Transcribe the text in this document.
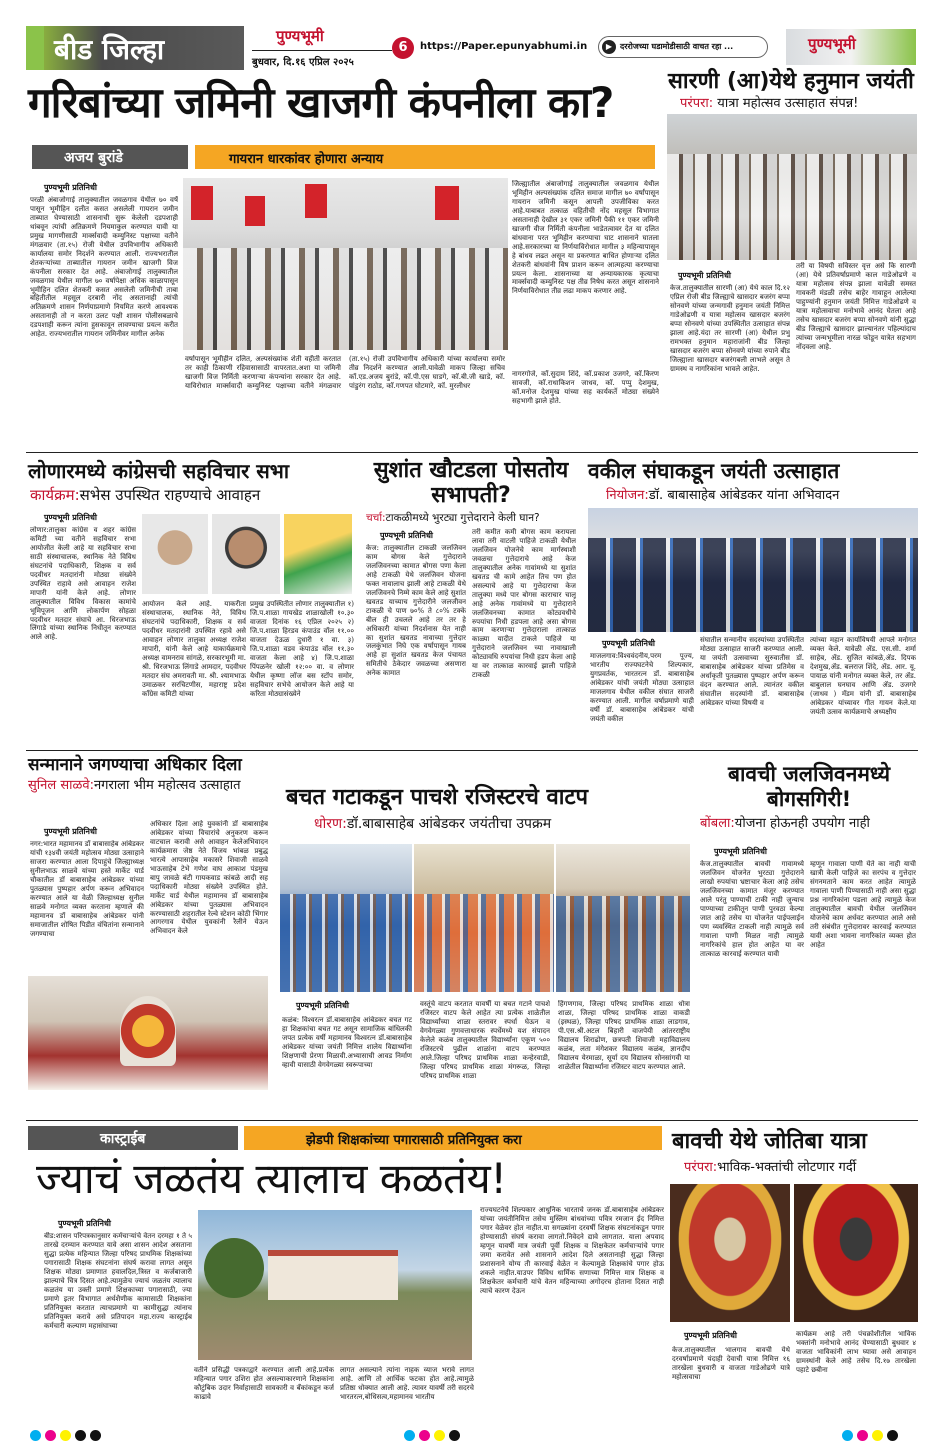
बीड जिल्हा	पुण्यभूमी
बुधवार, दि.१६ एप्रिल २०२५
6	https://Paper.epunyabhumi.in	▶ दररोजच्या घडामोडीसाठी वाचत रहा ...	पुण्यभूमी
गरिबांच्या जमिनी खाजगी कंपनीला का?
अजय बुरांडे	गायरान धारकांवर होणारा अन्याय
पुण्यभूमी प्रतिनिधी
परळी अंबाजोगाई तालुक्यातील जवळगाव येथील ७० वर्षे पासून भूमीहिन दलीत कसत असलेली गायरान जमीन ताब्यात घेण्यासाठी शासनाची सुरू केलेली दडपशाही थांबवून त्यांची अतिक्रमणे नियमाकुल करण्यात यावी या प्रमुख मागणीसाठी मार्क्सवादी कम्युनिस्ट पक्षाच्या वतीने मंगळवार (ता.१५) रोजी येथील उपविभागीय अधिकारी कार्यालया समोर निदर्शने करण्यात आली. राज्यभरातील शेतकऱ्यांच्या ताब्यातील गायरान जमीन खाजगी विज कंपनीला सरकार देत आहे. अंबाजोगाई तालुक्यातील जवळगाव येथील मागील ७० वर्षापेक्षा अधिक काळापासून भूमीहिन दलित शेतकरी कसत असलेली जमिनीची ताबा बहितीतील महसूल दरबारी नोंद असतानाही त्यांची अतिक्रमणे शासन निर्णयाप्रमाणे नियमित करणे आवश्यक असतानाही तो न करता उलट पक्षी शासन पोलीसबळाचे दडपशाही करून त्यांना हुसकावून लावण्याचा प्रयत्न करीत आहेत. राज्यभरातील गायरान जमिनीवर मागील अनेक
वर्षापासून भूमीहीन दलित, अल्पसंख्यांक शेती वहीती करतात तर काही ठिकाणी रहिवासासाठी वापरतात.अशा या जमिनी खाजगी विज निर्मिती करणाऱ्या कंपन्यांना सरकार देत आहे. याविरोधात मार्क्सवादी कम्युनिस्ट पक्षाच्या वतीने मंगळवार (ता.१५) रोजी उपविभागीय अधिकारी यांच्या कार्यालया समोर तीव्र निदर्शने करण्यात आली.यावेळी माकप जिल्हा सचिव कॉ.एड.अजय बुरांडे, कॉ.पी.एस घाडगे, कॉ.बी.जी खाडे, कॉ. पांडुरंग राठोड, कॉ.गणपत घोटमारे, कॉ. मुरलीधर
जिल्ह्यातील अंबाजोगाई तालुक्यातील जवळगाव येथील भूमिहीन अल्पसंख्यांक दलित समाज मागील ७० वर्षांपासून गायरान जमिनी कसून आपली उपजीविका करत आहे.याबाबत तत्काळ वहितीची नोंद महसूल विभागात असतानाही देखील ३१ एकर जमिनी पैकी ११ एकर जमिनी खाजगी वीज निर्मिती कंपनीला भाडेतत्वावर देत या दलित बांधवाना परत भूमिहीन करण्याचा घाट शासनाने घातला आहे.सरकारच्या या निर्णयाविरोधात मागील ३ महिन्यापासून हे बांधव लढत असून या प्रकरणात बाधित होणाऱ्या दलित शेतकरी बांधवांनी विष प्राशन करून आत्महत्या करण्याचा प्रयत्न केला. शासनाच्या या अन्यायकारक कृत्याचा मार्क्सवादी कम्युनिस्ट पक्ष तीव्र निषेध करत असून शासनाने निर्णयाविरोधात तीव्र लढा माकप करणार आहे.
नागरगोजे, कॉ.सुदाम शिंदे, कॉ.प्रकाश उजगरे, कॉ.किरण सावजी, कॉ.राधाकिशन जाधव, कॉ. पप्पु देशमुख, कॉ.मनोज देशमुख यांच्या सह कार्यकर्ते मोठ्या संख्येने सहभागी झाले होते.
सारणी (आ)येथे हनुमान जयंती
परंपरा: यात्रा महोत्सव उत्साहात संपन्न!
पुण्यभूमी प्रतिनिधी
केज.तालुक्यातील सारणी (आ) येथे काल दि.१२ एप्रिल रोजी बीड जिल्ह्याचे खासदार बजरंग बप्पा सोनवणे यांच्या जन्मगावी हनुमान जयंती निमित्त गाडेओढणी व यात्रा महोत्सव खासदार बजरंग बप्पा सोनवणे यांच्या उपस्थितीत उत्साहात संपन्न झाला आहे.यंदा तर सारणी (आ) येथील प्रभु रामभक्त हनुमान महाराजांनी बीड जिल्हा खासदार बजरंग बप्पा सोनवणे यांच्या रुपाने बीड जिल्ह्याला खासदार बजरंगबली लाभले असून ते ग्रामस्थ व नागरिकांना भावले आहेत.
तरी या विषयी सविस्तर वृत्त असे कि सारणी (आ) येथे प्रतिवर्षाप्रमाणे काल गाडेओढणे व यात्रा महोत्सव संपन्न झाला यावेळी समस्त गावकरी मंडळी तसेच बाहेर गावाहून आलेल्या पाहुण्यांनी हनुमान जयंती निमित्त गाडेओढणे व यात्रा महोत्सवाचा मनोभावे आनंद घेतला आहे तसेच खासदार बजरंग बप्पा सोनवणे यांनी सुद्धा बीड जिल्ह्याचे खासदार झाल्यानंतर पहिल्यांदाच त्यांच्या जन्मभूमीला नारळ फोडून यात्रेत सहभाग नोंदवला आहे.
लोणारमध्ये कांग्रेसची सहविचार सभा
कार्यक्रम:सभेस उपस्थित राहण्याचे आवाहन
पुण्यभूमी प्रतिनिधी
लोणार:तालुका कांग्रेस व शहर कांग्रेस कमिटी च्या वतीने सहविचार सभा आयोजीत केली आहे या सहविचार सभा साठी संस्थाचालक, स्थानिक नेते विविध संघटनांचे पदाधिकारी, शिक्षक व सर्व पदवीधर मतदारांनी मोठ्या संख्येने उपस्थित राहावे असे आवाहन राजेश मापारी यांनी केले आहे. लोणार तालुक्यातील विविध विकास कामांचे भूमिपूजन आणि लोकार्पण सोहळा पदवीधर मतदार संघाचे आ. धिरजभाऊ लिंगाडे यांच्या स्थानिक निधीतून करण्यात आले आहे.
आयोजन केले आहे. याकरीता संस्थाचालक, स्थानिक नेते, विविध संघटनांचे पदाधिकारी, शिक्षक व सर्व पदवीधर मतदारांनी उपस्थित रहावे असे आवाहन लोणार तालुका अध्यक्ष राजेश मापारी, यांनी केले आहे याकार्यक्रमाचे अध्यक्ष वामनराव सांगळे, सरकारभूमी मा. श्री. धिरजभाऊ लिंगाडे आमदार, पदवीधर मतदार संघ अमरावती मा. श्री. श्यामभाऊ उमाळकर सरचिटणीस, महाराष्ट्र प्रदेश कॉंग्रेस कमिटी यांच्या
प्रमुख उपस्थितीत लोणार तालुक्यातील १) जि.प.शाळा गायखेड शाळाखोली १०.३० वाजता दिनांक १६ एप्रिल २०२५ २) जि.प.शाळा हिरडव कंपाउंड वॉल ११.०० वाजता देऊळ दुधारी १ वा. ३) जि.प.शाळा वडव कंपाउंड वॉल ११.३० वाजता केला आहे ४) जि.प.शाळा पिंपळनेर खोली १२:०० वा. व लोणार येथील कृष्णा लॉज बस स्टॉप समोर, सहविचार सभेचे आयोजन केले आहे या करिता मोठ्यासंख्येने
सुशांत खौटडला पोसतोय सभापती?
चर्चा:टाकळीमध्ये भुरट्या गुत्तेदाराने केली घान?
पुण्यभूमी प्रतिनिधी
केज: तालुक्यातील टाकळी जलजिवन काम बोगस केले गुत्तेदाराने जलजिवनच्या कामात बोगस पणा केला आहे टाकळी येथे जलजिवन योजना फक्त नावालाच झाली आहे टाकळी येथे जलजिवनचे निम्मे काम केले आहे सुशांत खवतड याच्याच गुत्तेदारीने जलजीवन टाकळी चे पाण ७०% ते ८०% टक्के बील ही उचलले आहे तर तर हे अधिकारी यांच्या निदर्शनास येत नाही का सुशांत खवतड नावाच्या गुत्तेदार जलकुंभात निघे एक वर्षापासून गायब आहे हा सुशांत खवतड केज पंचायत समितीचे ठेकेदार जवळच्या असणारा अनेक कामात
तरी कमीत कमी बोगस काम करायला लावा तरी वाटली पाहिजे टाकळी येथील जलजिवन योजनेचे काम मार्गस्थाशी जवळचा गुत्तेदाराचे आहे केज तालुक्यातील अनेक गावांमध्ये या सुशांत खवतड ची कामे आहेत तिच पण होत असल्याचे आहे या गुत्तेदाराचा केज तालुक्या मध्ये पार बोगस काराचार चालू आहे अनेक गावांमध्ये या गुत्तेदाराने जलजिवनच्या कामात कोट्यवधीचे रुपयांचा निधी हडपला आहे असा बोगस काम करणाऱ्या गुत्तेदाराला तात्काळ काळ्या यादीत टाकले पाहिजे या गुत्तेदाराने जलजिवन च्या नावाखाली कोट्यावधि रुपयांचा निधी हडप केला आहे या वर तात्काळ कारवाई झाली पाहिजे टाकळी
वकील संघाकडून जयंती उत्साहात
नियोजन:डॉ. बाबासाहेब आंबेडकर यांना अभिवादन
पुण्यभूमी प्रतिनिधी
माजलगाव:विश्ववंदनीय,परम पूज्य, भारतीय राज्यघटनेचे शिल्पकार, युगप्रवर्तक, भारतरत्न डॉ. बाबासाहेब आंबेडकर यांची जयंती मोठ्या उत्साहात माजलगाव येथील वकील संघात साजरी करण्यात आली. मागील वर्षाप्रमाणे याही वर्षी डॉ. बाबासाहेब आंबेडकर यांची जयंती वकील
संघातील सन्मानीय सदस्यांच्या उपस्थितीत मोठ्या उत्साहात साजरी करण्यात आली. या जयंती उत्सवाच्या सुरुवातीस डॉ. बाबासाहेब आंबेडकर यांच्या प्रतिमेस व अर्धाकृती पुतळ्यास पुष्पहार अर्पण करून वंदन करण्यात आले. त्यानंतर वकील संघातील सदस्यांनी डॉ. बाबासाहेब आंबेडकर यांच्या विषयी व
त्यांच्या महान कार्याविषयी आपले मनोगत व्यक्त केले. यावेळी ॲड. एस.सी. शर्मा साहेब, ॲड. सुजित कांबळे,ॲड. दिपक देशमुख,ॲड. बलराज शिंदे, ॲड. आर. यू. पायाळ यांनी मनोगत व्यक्त केले, तर ॲड. बाबुलाल घनघाव आणि ॲड. उजगरे (जाधव ) मॅडम यांनी डॉ. बाबासाहेब आंबेडकर यांच्यावर गीत गायन केले.या जयंती उत्सव कार्यक्रमाचे अध्यक्षीय
सन्मानाने जगण्याचा अधिकार दिला
सुनिल साळवे:नगराला भीम महोत्सव उत्साहात
पुण्यभूमी प्रतिनिधी
नगर:भारत महामानव डॉ बाबासाहेब आंबेडकर यांची १३४वी जयंती महोत्सव मोठ्या उत्साहाने साजरा करण्यात आला दिपाहुंचे जिल्ह्याध्यक्ष सुनीलभाऊ साळवे यांच्या हस्ते मार्केट यार्ड चौकातील डॉ बाबासाहेब आंबेडकर यांच्या पुतळ्यास पुष्पहार अर्पण करून अभिवादन करण्यात आले या वेळी जिल्हाध्यक्ष सुनील साळवे मनोगत व्यक्त करताना म्हणाले की महामानव डॉ बाबासाहेब आंबेडकर यांनी समाजातील शोषित पिडीत वंचितांना सन्मानाने जगण्याचा
अधिकार दिला आहे युवकांनी डॉ बाबासाहेब आंबेडकर यांच्या विचारांचे अनुकरण करून वाटचाल करावी असे आवाहन केलेअभिवादन कार्यक्रमास जेष्ठ नेते विजय भांबळ प्रबुद्ध भारत्ये आपासाहेब मकासरे शिवाजी साळवे भाऊसाहेब टेभे गणेश वाघ आकाश पंडमुख बापु जावळे बंटी गायकवाड कांबळे आदी सह पदाधिकारी मोठ्या संख्येने उपस्थित होते. मार्केट यार्ड येथील महामानव डॉ बाबासाहेब आंबेडकर यांच्या पुतळ्यास अभिवादन करण्यासाठी शहरातील रेल्वे स्टेशन कोठी भिंगार आगरगाव येथील युवकांनी रैलीने येऊन अभिवादन केले
बचत गटाकडून पाचशे रजिस्टरचे वाटप
धोरण:डॉ.बाबासाहेब आंबेडकर जयंतीचा उपक्रम
पुण्यभूमी प्रतिनिधी
कळंब: विश्वरत्न डॉ.बाबासाहेब आंबेडकर बचत गट हा शिक्षकांचा बचत गट असून सामाजिक बांधिलकी जपत प्रत्येक वर्षी महामानव विश्वरत्न डॉ.बाबासाहेब आंबेडकर यांच्या जयंती निमित्त शालेय विद्यार्थ्यांना शिक्षणाची प्रेरणा मिळावी.अभ्यासाची आवड निर्माण व्हावी यासाठी वेगवेगळ्या स्वरूपाच्या
वस्तूंचे वाटप करतात यावर्षी या बचत गटाने पाचशे रजिस्टर वाटप केले आहेत त्या प्रत्येक शाळेतील विद्यार्थ्यांच्या शाळा स्तरावर स्पर्धा घेऊन व वेगवेगळ्या गुणवत्ताधारक स्पर्धेमध्ये यश संपादन केलेले कळंब तालुक्यातील विद्यार्थ्यांना एकूण ५०० रजिस्टरचे पुढील शाळांना वाटप करण्यात आले.जिल्हा परिषद प्राथमिक शाळा कन्हेरवाडी, जिल्हा परिषद प्राथमिक शाळा मंगरूळ, जिल्हा परिषद प्राथमिक शाळा
हिंगणगाव, जिल्हा परिषद प्राथमिक शाळा धोत्रा शाळा, जिल्हा परिषद प्राथमिक शाळा वाकडी (इस्थळ), जिल्हा परिषद प्राथमिक शाळा लाडगाव, पी.एस.श्री.अटल बिहारी वाजपेयी आंतरराष्ट्रीय विद्यालय शिराढोण, छत्रपती शिवाजी महाविद्यालय कळंब, लता मंगेशकर विद्यालय कळंब, ज्ञानदीप विद्यालय येरमाळा, सूर्या दय विद्यालय सोनसांगवी या शाळेतील विद्यार्थ्यांना रजिस्टर वाटप करण्यात आले.
बावची जलजिवनमध्ये बोगसगिरी!
बोंबला:योजना होऊनही उपयोग नाही
पुण्यभूमी प्रतिनिधी
केज.तालुक्यातील बावची गावामध्ये जलजिवन योजनेत भुरट्या गुत्तेदाराने लाखो रुपयांचा भ्रष्टाचार केला आहे तसेच जलजिवनच्या कामात मंजूर करण्यात आले परंतु पाण्याची टाकी नाही जुन्याच पाण्याच्या टाकीतून पाणी पुरवठा केल्या जात आहे तसेच या योजनेत पाईपलाईन पण व्यवस्थित टाकली नाही त्यामुळे सर्व गावाला पाणी मिळत नाही त्यामुळे नागरिकांचे हाल होत आहेत या वर तात्काळ कारवाई करण्यात यावी
म्हणून गावाला पाणी येते का नाही याची खात्री केली पाहिजे का सरपंच व गुत्तेदार संगनमताने काम करत आहेत त्यामुळे गावाला पाणी पिण्यासाठी नाही असा सुद्धा प्रश्न नागरिकांना पडला आहे त्यामुळे केज तालुक्यातील बावची येथील जलजिवन योजनेचे काम अर्धवट करण्यात आले असे तरी संबंधीत गुत्तेदारावर कारवाई करण्यात यावी अशा भावना नागरिकांत व्यक्त होत आहेत
कास्ट्राईब	झेडपी शिक्षकांच्या पगारासाठी प्रतिनियुक्त करा
ज्याचं जळतंय त्यालाच कळतंय!
पुण्यभूमी प्रतिनिधी
बीड:शासन परिपत्रकानुसार कर्मचाऱ्यांचे वेतन दरमहा १ ते ५ तारखे दरम्यान करण्यात यावे असा शासन आदेश असताना सुद्धा प्रत्येक महिन्यात जिल्हा परिषद प्राथमिक शिक्षकांच्या पगारासाठी शिक्षक संघटनांना संघर्ष करावा लागत असून शिक्षक मोठ्या प्रमाणात हवालदिल,त्रिस्त व कर्जबाजारी झाल्याचे चित्र दिसत आहे.त्यामुळेच ज्याचं जळतंय त्यालाच कळतंय या उक्ती प्रमाणे शिक्षकाच्या पगारासाठी, ज्या प्रमाणे इतर विभागात अर्थशैणीक कामासाठी शिक्षकांना प्रतिनियुक्त करतात त्याचप्रमाणे या कामीसुद्धा त्यांनाच प्रतिनियुक्त करावे असे प्रतिपादन महा.राज्य कास्ट्राईब कर्मचारी कल्याण महासंघाच्या
वतीने प्रसिद्धी पत्रकाद्वारे करण्यात आली आहे.प्रत्येक महिन्यात पगार उशिरा होत असल्याकारणाने शिक्षकांना कौटुंबिक उदार निर्वाहासाठी सावकारी व बँकांकडून कर्ज काढावे
लागत असल्याने त्यांना नाहक व्याज भरावे लागत आहे. आणि तो आर्थिक फटका होत आहे.त्यामुळे प्रतिष्ठा धोक्यात आली आहे. त्यावर यावर्षी तरी सदरचे भारतरत्न,बोधिसत्व,महामानव भारतीय
राज्यघटनेचे शिल्पकार आधुनिक भारताचे जनक डॉ.बाबासाहेब आंबेडकर यांच्या जयंतीनिमित्त तसेच मुस्लिम बांधवांच्या पवित्र रमजान ईद निमित्त पगार वेळेवर होत नाहीत.या सगळ्यांना दरवर्षी शिक्षक संघटनांकडून पगार होण्यासाठी संघर्ष करावा लागतो.निवेदने द्यावे लागतात. याला अपवाद म्हणून यावर्षी मात्र जयंती पूर्वी शिक्षक व शिक्षकेतर कर्मचाऱ्यांचे पगार जमा करावेत असे शासनाने आदेश दिले असतानाही सुद्धा जिल्हा प्रशासनाने योग्य ती कारवाई वेळेत न केल्यामुळे शिक्षकांचे पगार होऊ शकले नाहीत.याउपर विविध धार्मिक सणाच्या निमित्त मात्र शिक्षक व शिक्षकेतर कर्मचारी यांचे वेतन महिन्याच्या अगोदरच होताना दिसत नाही त्याचे कारण देऊन
बावची येथे जोतिबा यात्रा
परंपरा:भाविक-भक्तांची लोटणार गर्दी
पुण्यभूमी प्रतिनिधी
केज.तालुक्यातील भालगाव बावची येथे दरवर्षाप्रमाणे यंदाही देवाची यात्रा निमित्त १६ तारखेला बुधवारी व वाजता गाडेओढणे यात्रे महोत्सवाचा
कार्यक्रम आहे तरी पंचक्रोशीतील भाविक भक्तांनी मनोभावे आनंद घेण्यासाठी बुधवार ४ वाजता भाविकांनी लाभ घ्यावा असे आवाहन ग्रामस्थांनी केले आहे तसेच दि.१७ तारखेला पहाटे छबीना
